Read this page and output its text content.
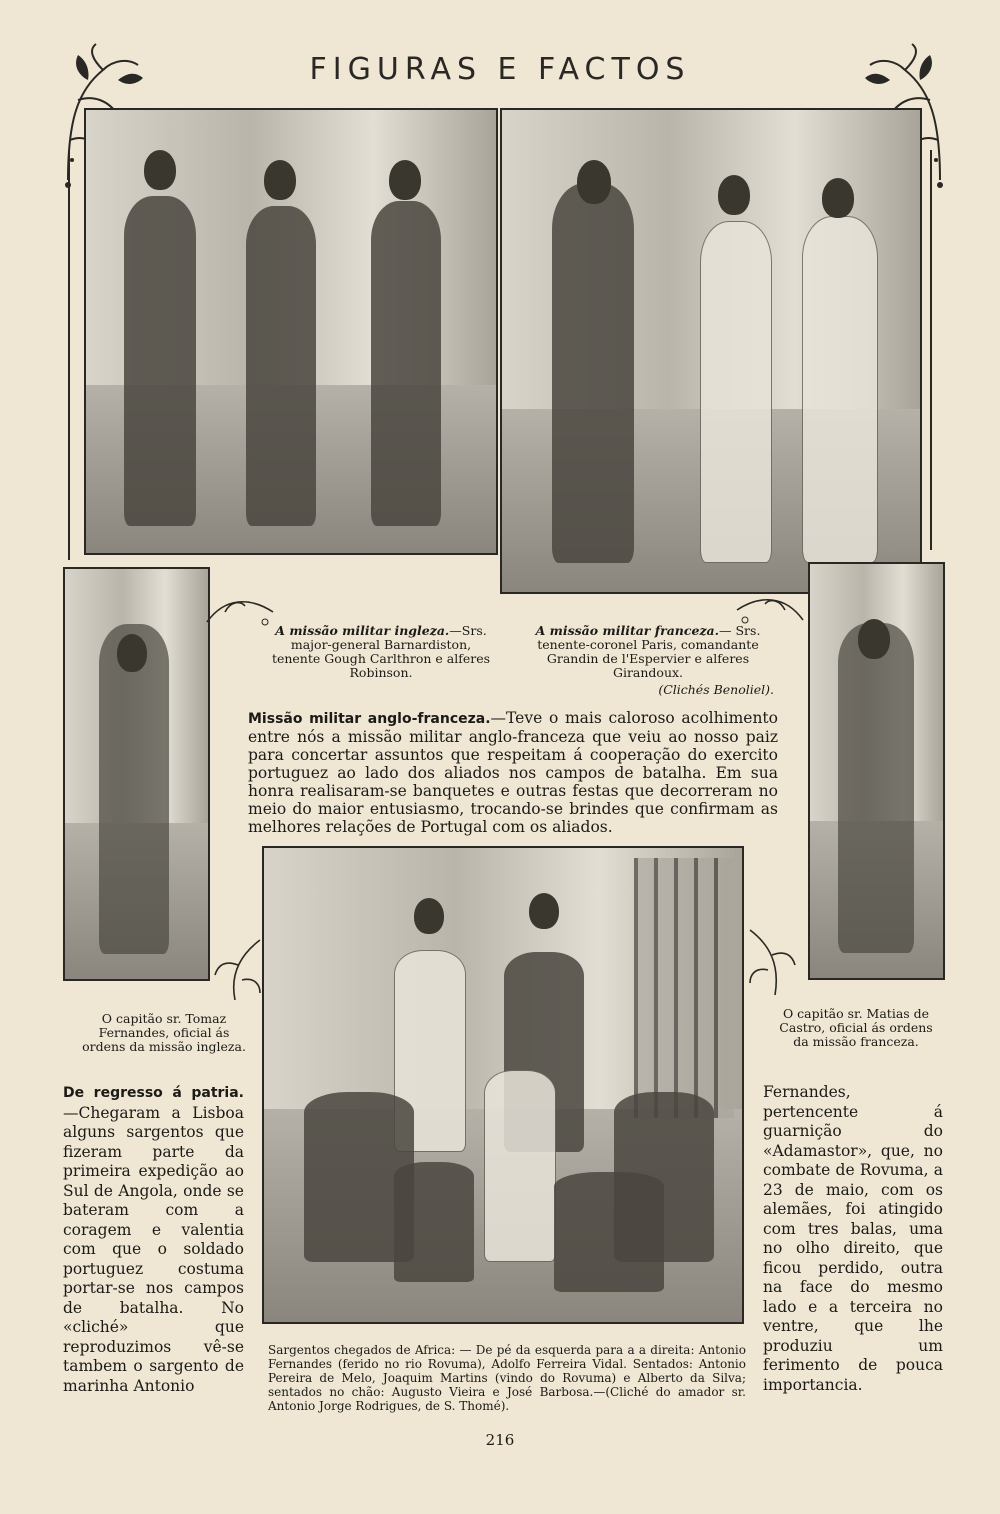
FIGURAS E FACTOS
A missão militar ingleza.—Srs. major-general Barnardiston, tenente Gough Carlthron e alferes Robinson.
A missão militar franceza.— Srs. tenente-coronel Paris, comandante Grandin de l'Espervier e alferes Girandoux.
(Clichés Benoliel).
Missão militar anglo-franceza.—Teve o mais caloroso acolhimento entre nós a missão militar anglo-franceza que veiu ao nosso paiz para concertar assuntos que respeitam á cooperação do exercito portuguez ao lado dos aliados nos campos de batalha. Em sua honra realisaram-se banquetes e outras festas que decorreram no meio do maior entusiasmo, trocando-se brindes que confirmam as melhores relações de Portugal com os aliados.
O capitão sr. Tomaz Fernandes, oficial ás ordens da missão ingleza.
O capitão sr. Matias de Castro, oficial ás ordens da missão franceza.
De regresso á patria.—Chegaram a Lisboa alguns sargentos que fizeram parte da primeira expedição ao Sul de Angola, onde se bateram com a coragem e valentia com que o soldado portuguez costuma portar-se nos campos de batalha. No «cliché» que reproduzimos vê-se tambem o sargento de marinha Antonio
Fernandes, pertencente á guarnição do «Adamastor», que, no combate de Rovuma, a 23 de maio, com os alemães, foi atingido com tres balas, uma no olho direito, que ficou perdido, outra na face do mesmo lado e a terceira no ventre, que lhe produziu um ferimento de pouca importancia.
Sargentos chegados de Africa: — De pé da esquerda para a a direita: Antonio Fernandes (ferido no rio Rovuma), Adolfo Ferreira Vidal. Sentados: Antonio Pereira de Melo, Joaquim Martins (vindo do Rovuma) e Alberto da Silva; sentados no chão: Augusto Vieira e José Barbosa.—(Cliché do amador sr. Antonio Jorge Rodrigues, de S. Thomé).
216
